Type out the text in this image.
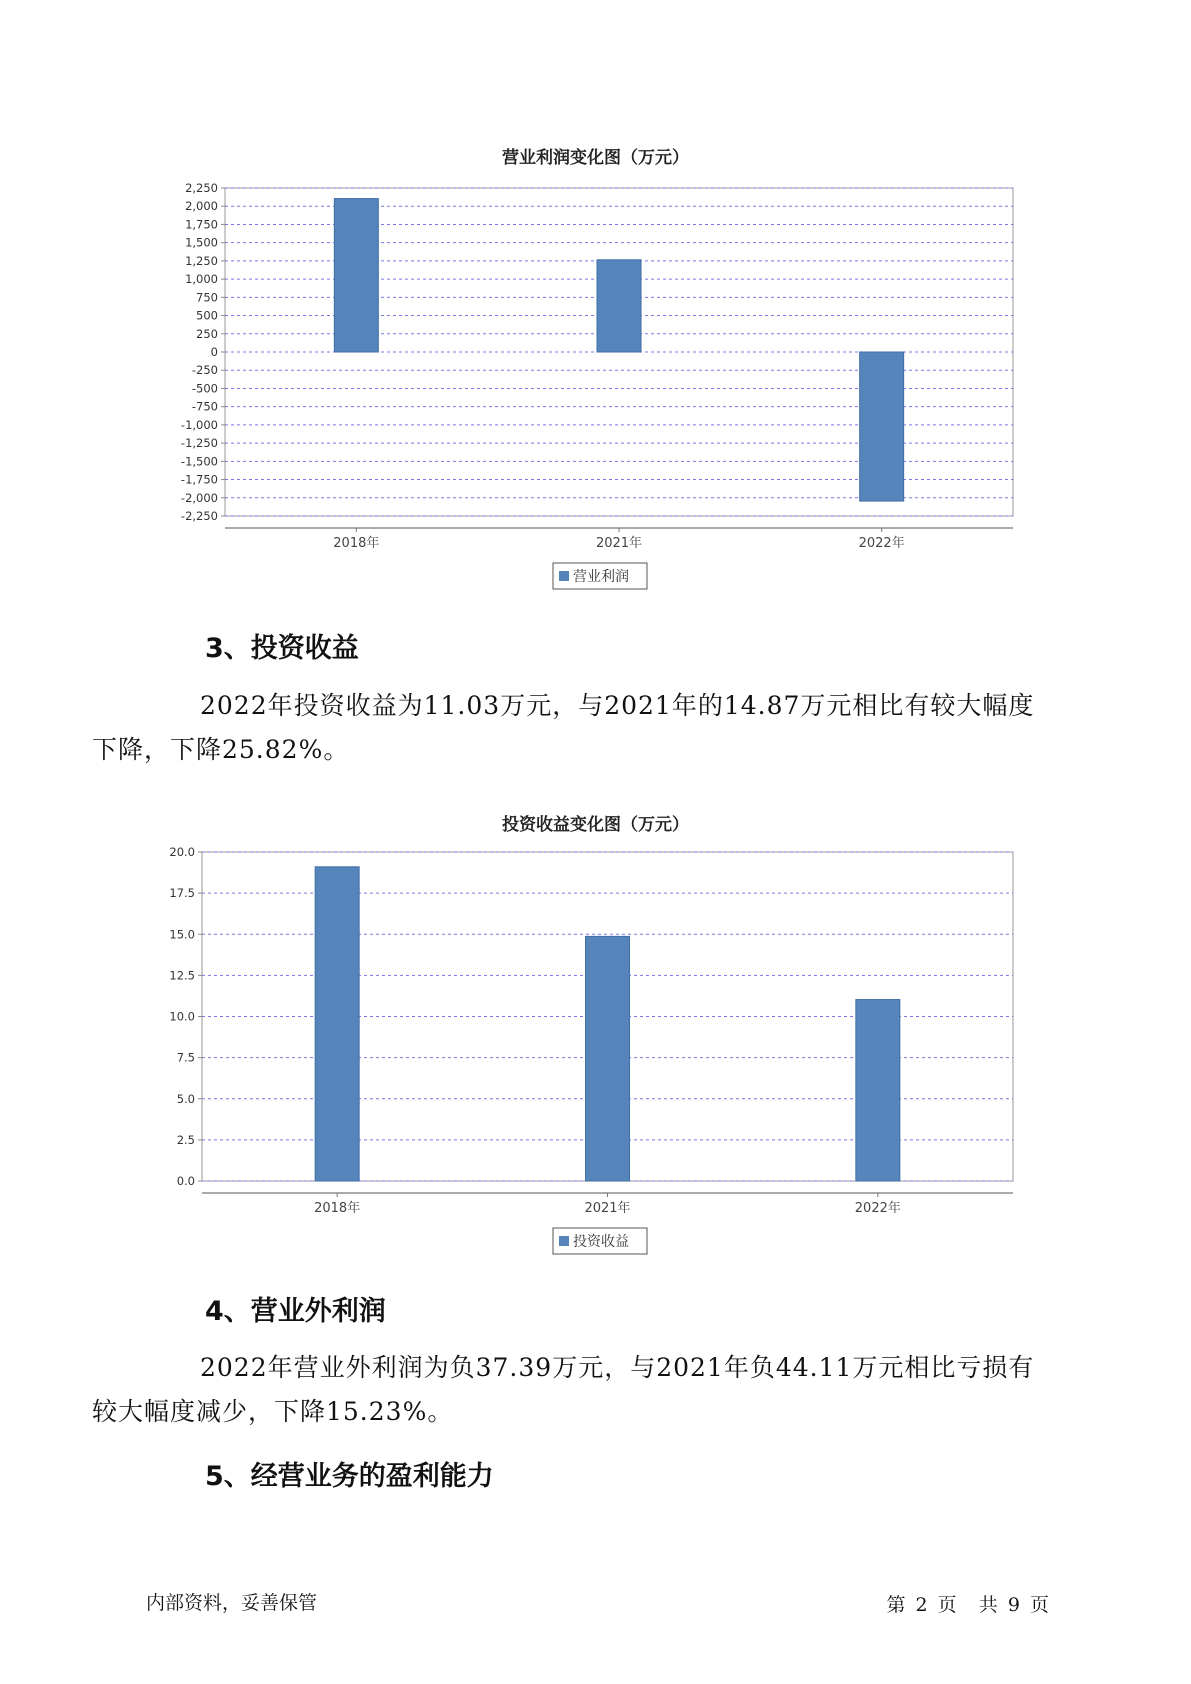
营业利润变化图（万元）
2,250
2,000
1,750
1,500
1,250
1,000
750
500
250
0
-250
-500
-750
-1,000
-1,250
-1,500
-1,750
-2,000
-2,250
2018年	2021年	2022年
营业利润
3、投资收益

2022年投资收益为11.03万元，与2021年的14.87万元相比有较大幅度
下降，下降25.82%。

投资收益变化图（万元）
20.0
17.5
15.0
12.5
10.0
7.5
5.0
2.5
0.0
2018年	2021年	2022年
投资收益
4、营业外利润

2022年营业外利润为负37.39万元，与2021年负44.11万元相比亏损有
较大幅度减少，下降15.23%。

5、经营业务的盈利能力
内部资料，妥善保管	第 2 页 共 9 页
